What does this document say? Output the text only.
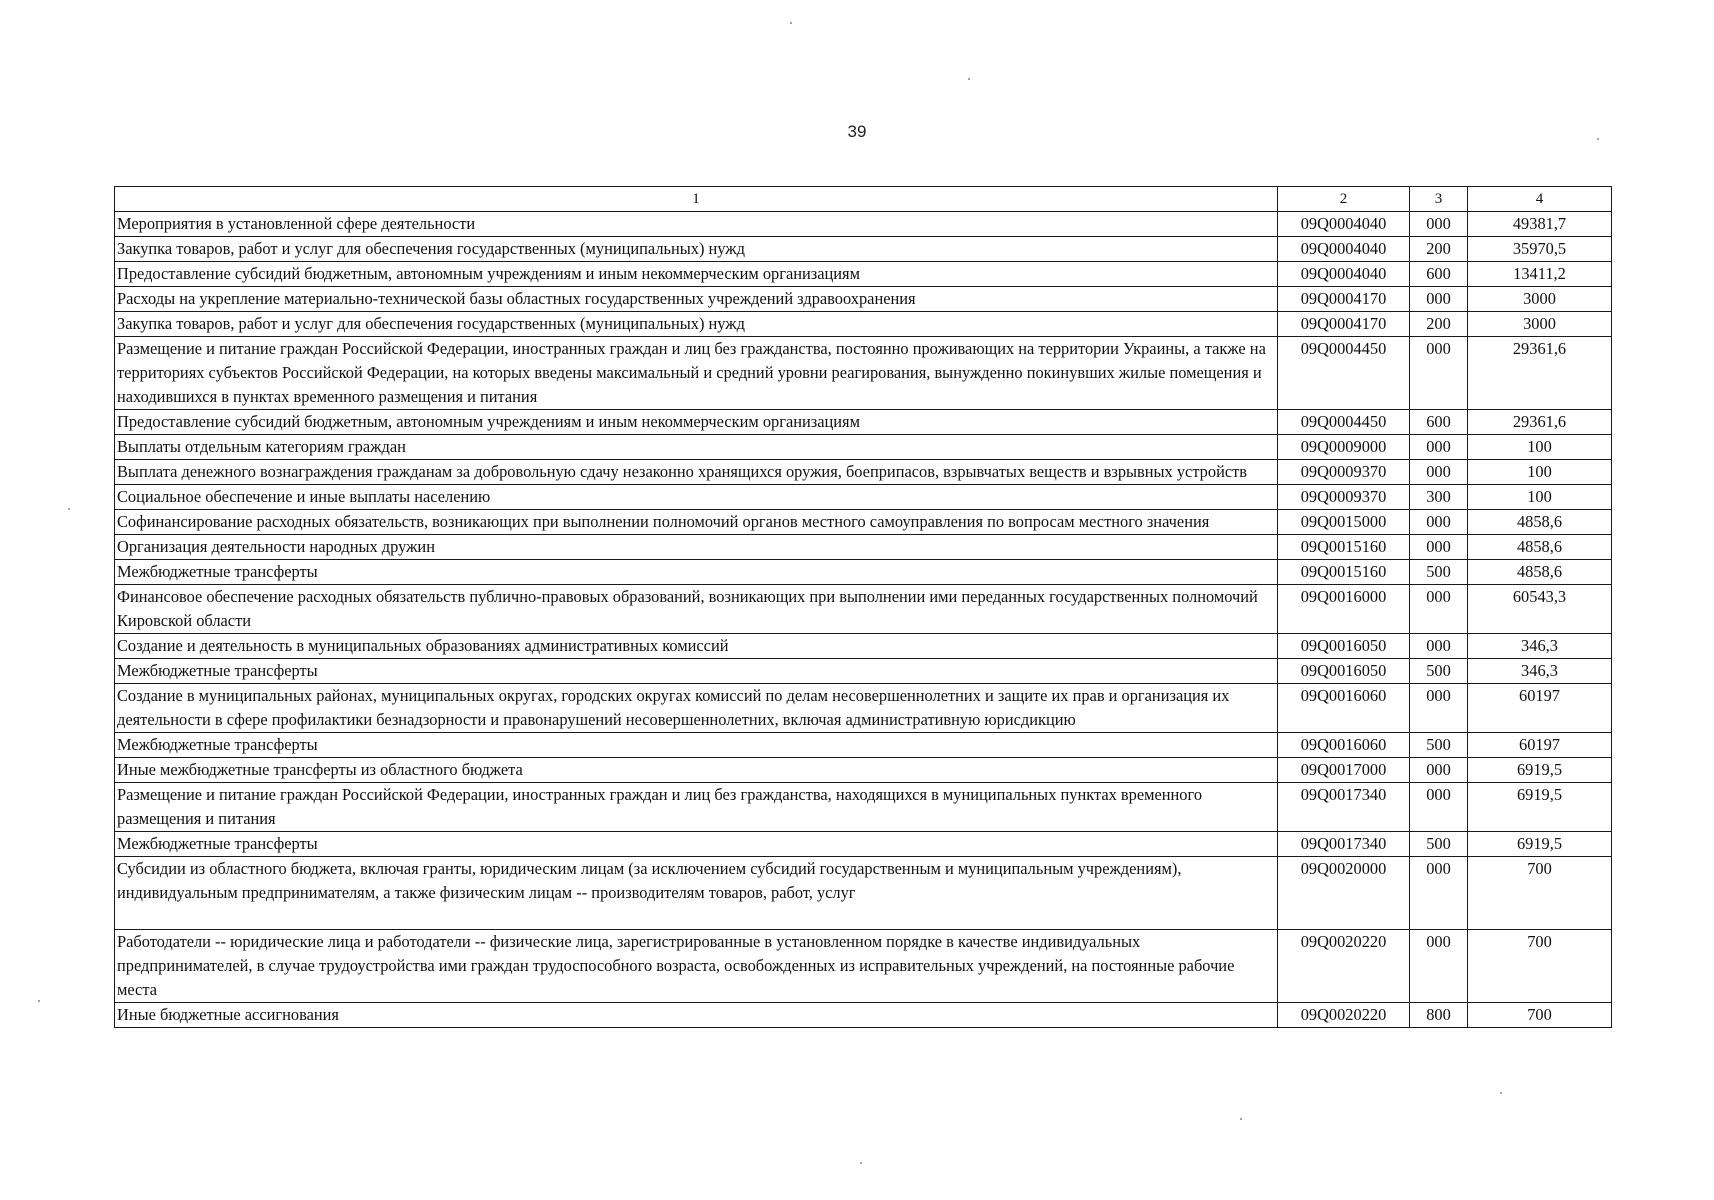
39
1	2	3	4
Мероприятия в установленной сфере деятельности	09Q0004040	000	49381,7
Закупка товаров, работ и услуг для обеспечения государственных (муниципальных) нужд	09Q0004040	200	35970,5
Предоставление субсидий бюджетным, автономным учреждениям и иным некоммерческим организациям	09Q0004040	600	13411,2
Расходы на укрепление материально-технической базы областных государственных учреждений здравоохранения	09Q0004170	000	3000
Закупка товаров, работ и услуг для обеспечения государственных (муниципальных) нужд	09Q0004170	200	3000
Размещение и питание граждан Российской Федерации, иностранных граждан и лиц без гражданства, постоянно проживающих на территории Украины, а также на территориях субъектов Российской Федерации, на которых введены максимальный и средний уровни реагирования, вынужденно покинувших жилые помещения и находившихся в пунктах временного размещения и питания	09Q0004450	000	29361,6
Предоставление субсидий бюджетным, автономным учреждениям и иным некоммерческим организациям	09Q0004450	600	29361,6
Выплаты отдельным категориям граждан	09Q0009000	000	100
Выплата денежного вознаграждения гражданам за добровольную сдачу незаконно хранящихся оружия, боеприпасов, взрывчатых веществ и взрывных устройств	09Q0009370	000	100
Социальное обеспечение и иные выплаты населению	09Q0009370	300	100
Софинансирование расходных обязательств, возникающих при выполнении полномочий органов местного самоуправления по вопросам местного значения	09Q0015000	000	4858,6
Организация деятельности народных дружин	09Q0015160	000	4858,6
Межбюджетные трансферты	09Q0015160	500	4858,6
Финансовое обеспечение расходных обязательств публично-правовых образований, возникающих при выполнении ими переданных государственных полномочий Кировской области	09Q0016000	000	60543,3
Создание и деятельность в муниципальных образованиях административных комиссий	09Q0016050	000	346,3
Межбюджетные трансферты	09Q0016050	500	346,3
Создание в муниципальных районах, муниципальных округах, городских округах комиссий по делам несовершеннолетних и защите их прав и организация их деятельности в сфере профилактики безнадзорности и правонарушений несовершеннолетних, включая административную юрисдикцию	09Q0016060	000	60197
Межбюджетные трансферты	09Q0016060	500	60197
Иные межбюджетные трансферты из областного бюджета	09Q0017000	000	6919,5
Размещение и питание граждан Российской Федерации, иностранных граждан и лиц без гражданства, находящихся в муниципальных пунктах временного размещения и питания	09Q0017340	000	6919,5
Межбюджетные трансферты	09Q0017340	500	6919,5
Субсидии из областного бюджета, включая гранты, юридическим лицам (за исключением субсидий государственным и муниципальным учреждениям), индивидуальным предпринимателям, а также физическим лицам -- производителям товаров, работ, услуг	09Q0020000	000	700
Работодатели -- юридические лица и работодатели -- физические лица, зарегистрированные в установленном порядке в качестве индивидуальных предпринимателей, в случае трудоустройства ими граждан трудоспособного возраста, освобожденных из исправительных учреждений, на постоянные рабочие места	09Q0020220	000	700
Иные бюджетные ассигнования	09Q0020220	800	700
